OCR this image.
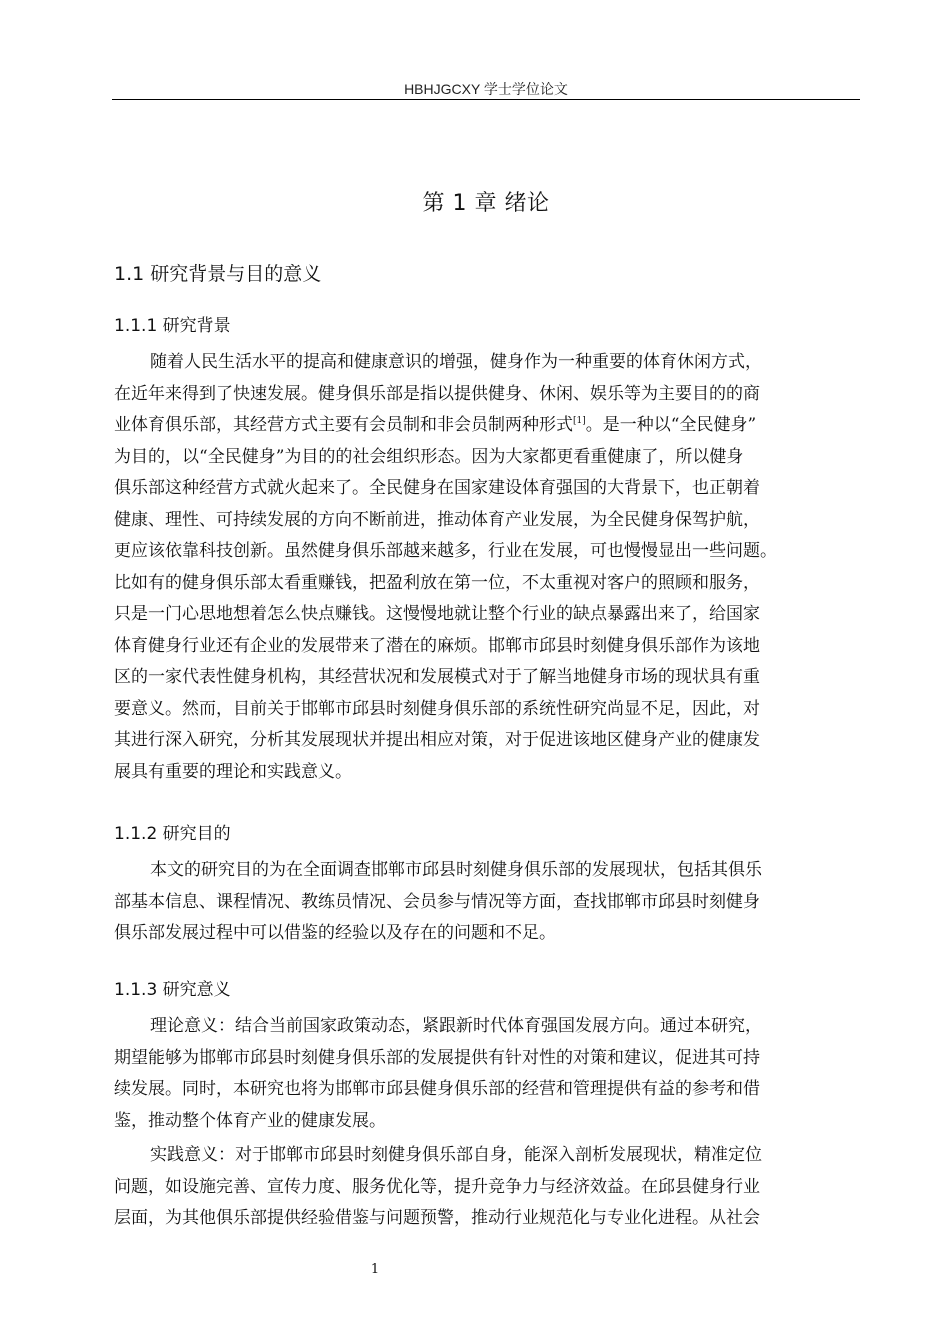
HBHJGCXY 学士学位论文
第 1 章 绪论
1.1 研究背景与目的意义
1.1.1 研究背景
随着人民生活水平的提高和健康意识的增强，健身作为一种重要的体育休闲方式，
在近年来得到了快速发展。健身俱乐部是指以提供健身、休闲、娱乐等为主要目的的商
业体育俱乐部，其经营方式主要有会员制和非会员制两种形式[1]。是一种以“全民健身”
为目的，以“全民健身”为目的的社会组织形态。因为大家都更看重健康了，所以健身
俱乐部这种经营方式就火起来了。全民健身在国家建设体育强国的大背景下，也正朝着
健康、理性、可持续发展的方向不断前进，推动体育产业发展，为全民健身保驾护航，
更应该依靠科技创新。虽然健身俱乐部越来越多，行业在发展，可也慢慢显出一些问题。
比如有的健身俱乐部太看重赚钱，把盈利放在第一位，不太重视对客户的照顾和服务，
只是一门心思地想着怎么快点赚钱。这慢慢地就让整个行业的缺点暴露出来了，给国家
体育健身行业还有企业的发展带来了潜在的麻烦。邯郸市邱县时刻健身俱乐部作为该地
区的一家代表性健身机构，其经营状况和发展模式对于了解当地健身市场的现状具有重
要意义。然而，目前关于邯郸市邱县时刻健身俱乐部的系统性研究尚显不足，因此，对
其进行深入研究，分析其发展现状并提出相应对策，对于促进该地区健身产业的健康发
展具有重要的理论和实践意义。
1.1.2 研究目的
本文的研究目的为在全面调查邯郸市邱县时刻健身俱乐部的发展现状，包括其俱乐
部基本信息、课程情况、教练员情况、会员参与情况等方面，查找邯郸市邱县时刻健身
俱乐部发展过程中可以借鉴的经验以及存在的问题和不足。
1.1.3 研究意义
理论意义：结合当前国家政策动态，紧跟新时代体育强国发展方向。通过本研究，
期望能够为邯郸市邱县时刻健身俱乐部的发展提供有针对性的对策和建议，促进其可持
续发展。同时，本研究也将为邯郸市邱县健身俱乐部的经营和管理提供有益的参考和借
鉴，推动整个体育产业的健康发展。
实践意义：对于邯郸市邱县时刻健身俱乐部自身，能深入剖析发展现状，精准定位
问题，如设施完善、宣传力度、服务优化等，提升竞争力与经济效益。在邱县健身行业
层面，为其他俱乐部提供经验借鉴与问题预警，推动行业规范化与专业化进程。从社会
1
